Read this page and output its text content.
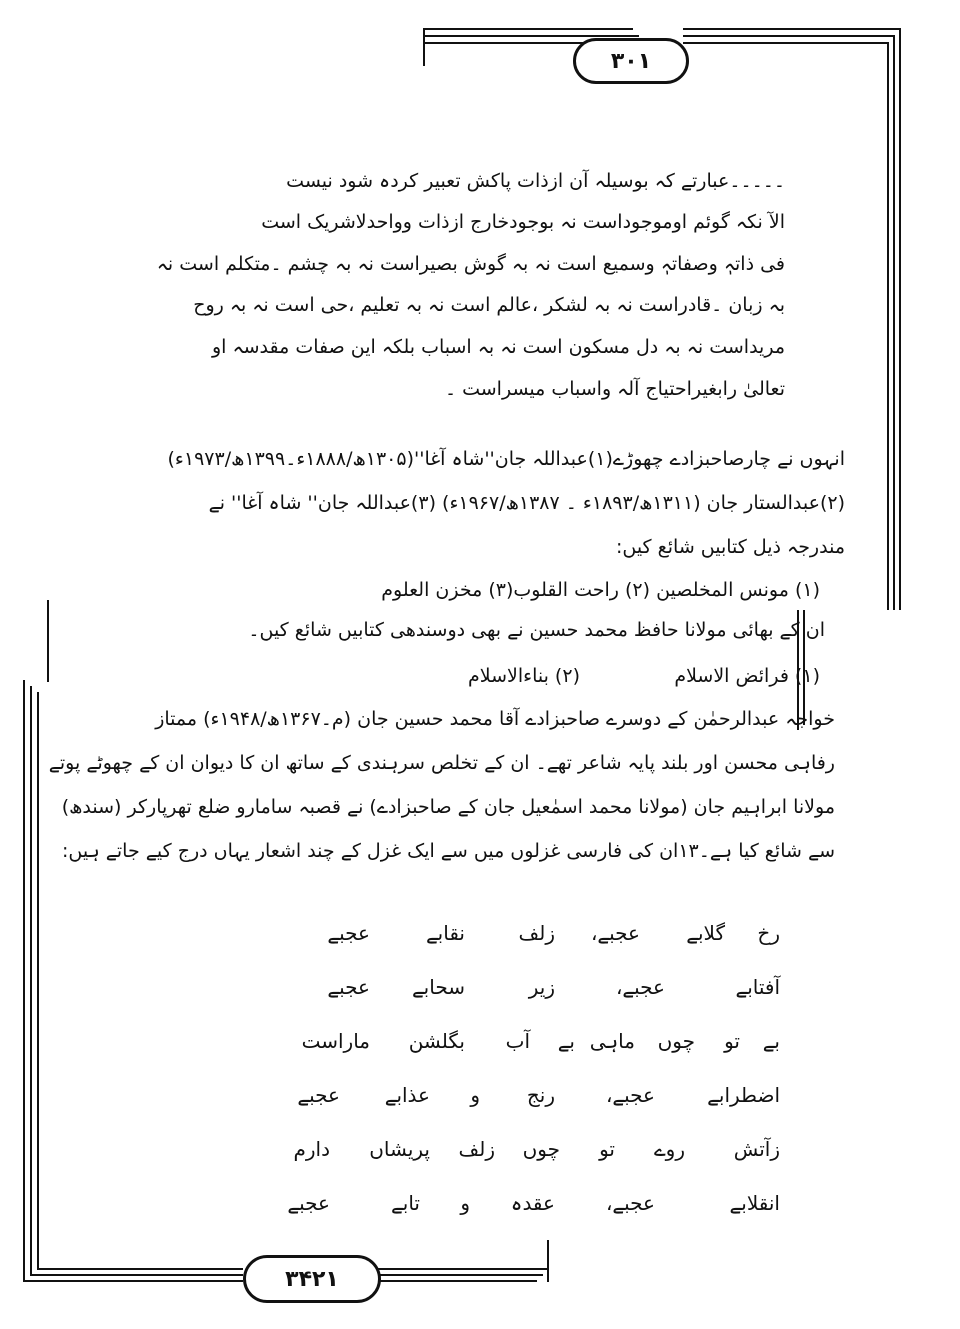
۳۰۱
۳۴۲۱
۔۔۔۔۔عبارتے کہ بوسیلہ آن ازذات پاکش تعبیر کردہ شود نیست
الآ نکہ گوئم اوموجوداست نہ بوجودخارج ازذات وواحدلاشریک است
فی ذاتہٖ وصفاتہٖ وسمیع است نہ بہ گوش بصیراست نہ بہ چشم ۔متکلم است نہ
بہ زبان ۔قادراست نہ بہ لشکر ،عالم است نہ بہ تعلیم ،حی است نہ بہ روح
مریداست نہ بہ دل مسکون است نہ بہ اسباب بلکہ این صفات مقدسہ او
تعالیٰ رابغیراحتیاج آلہ واسباب میسراست ۔
انہوں نے چارصاحبزادے چھوڑے(۱)عبداللہ جان''شاہ آغا''(۱۳۰۵ھ/۱۸۸۸ء۔۱۳۹۹ھ/۱۹۷۳ء)
(۲)عبدالستار جان (۱۳۱۱ھ/۱۸۹۳ء ۔ ۱۳۸۷ھ/۱۹۶۷ء) (۳)عبداللہ جان'' شاہ آغا'' نے
مندرجہ ذیل کتابیں شائع کیں:
(۱) مونس المخلصین (۲) راحت القلوب(۳) مخزن العلوم
ان کے بھائی مولانا حافظ محمد حسین نے بھی دوسندھی کتابیں شائع کیں۔
(۱) فرائض الاسلام
(۲) بناءالاسلام
خواجہ عبدالرحمٰن کے دوسرے صاحبزادے آقا محمد حسین جان (م۔۱۳۶۷ھ/۱۹۴۸ء) ممتاز
رفاہی محسن اور بلند پایہ شاعر تھے۔ ان کے تخلص سرہندی کے ساتھ ان کا دیوان ان کے چھوٹے پوتے
مولانا ابراہیم جان (مولانا محمد اسمٰعیل جان کے صاحبزادے) نے قصبہ سامارو ضلع تھرپارکر (سندھ)
سے شائع کیا ہے۔۱۳ان کی فارسی غزلوں میں سے ایک غزل کے چند اشعار یہاں درج کیے جاتے ہیں:
رخ
گلابے
عجبے،
زلف
نقابے
عجبے
آفتابے
عجبے،
زیر
سحابے
عجبے
بے
تو
چوں
ماہی
بے
آب
بگلشن
ماراست
اضطرابے
عجبے،
رنج
و
عذابے
عجبے
زآتش
روے
تو
چوں
زلف
پریشاں
دارم
انقلابے
عجبے،
عقدہ
و
تابے
عجبے
